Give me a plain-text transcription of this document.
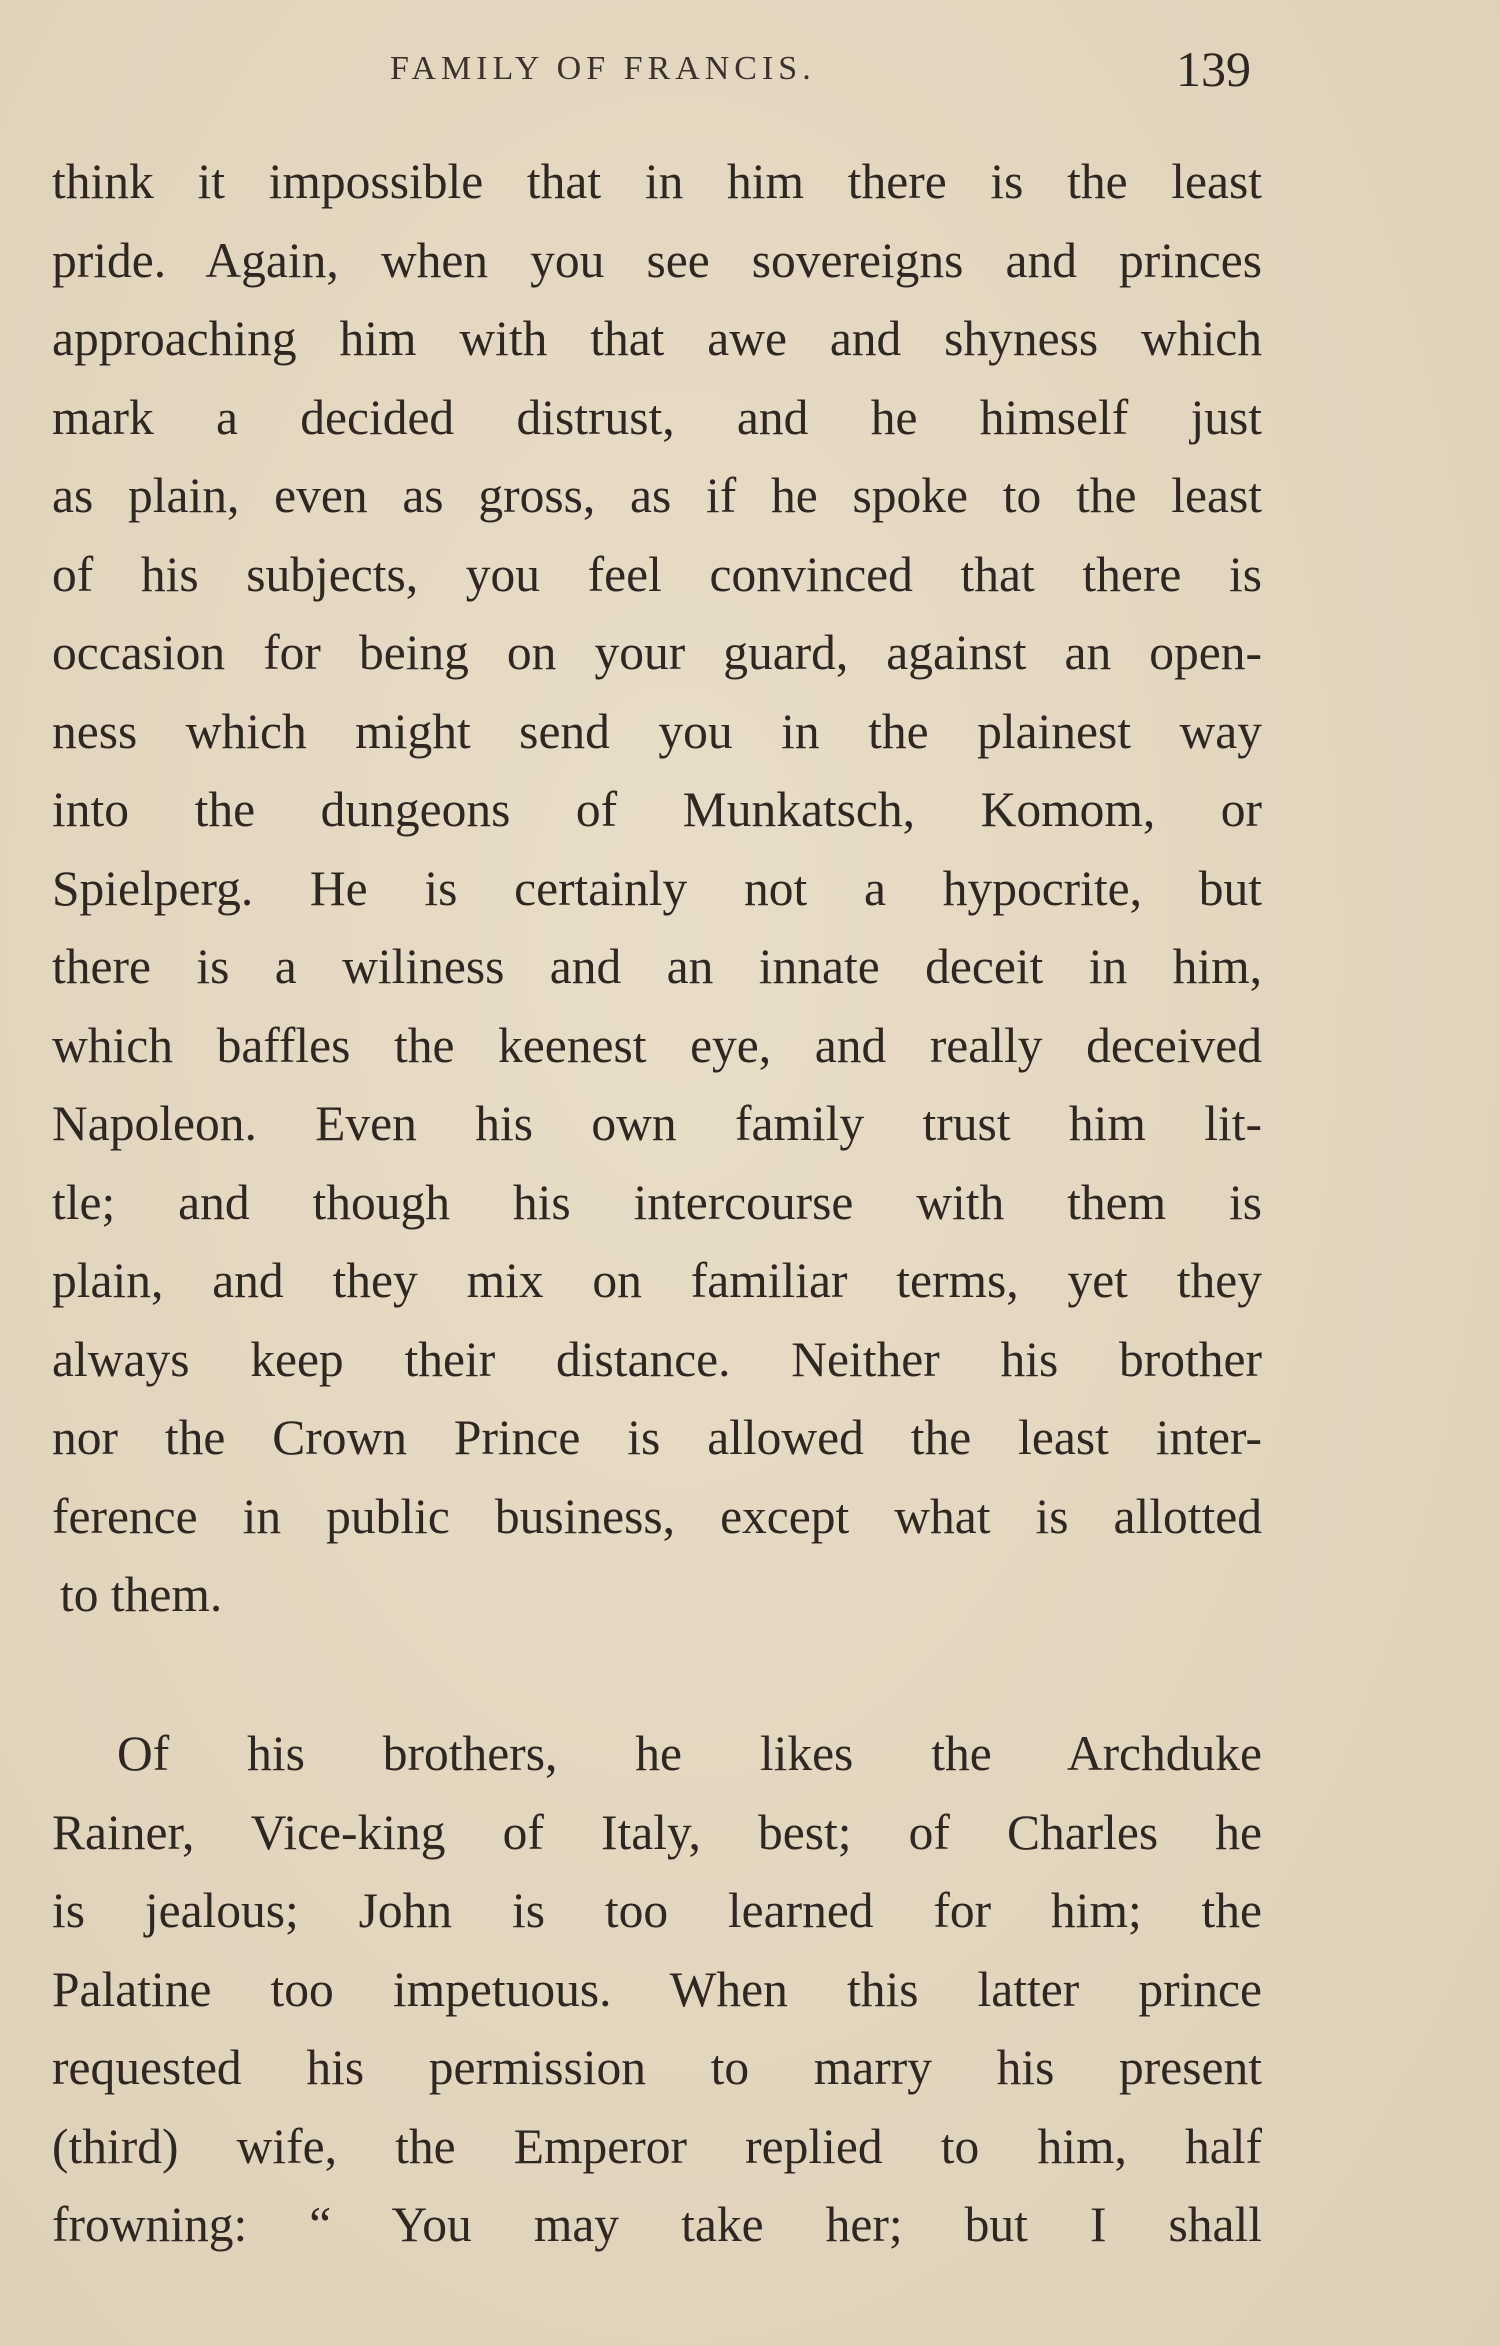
FAMILY OF FRANCIS.	139
think it impossible that in him there is the least
pride. Again, when you see sovereigns and princes
approaching him with that awe and shyness which
mark a decided distrust, and he himself just
as plain, even as gross, as if he spoke to the least
of his subjects, you feel convinced that there is
occasion for being on your guard, against an open-
ness which might send you in the plainest way
into the dungeons of Munkatsch, Komom, or
Spielperg. He is certainly not a hypocrite, but
there is a wiliness and an innate deceit in him,
which baffles the keenest eye, and really deceived
Napoleon. Even his own family trust him lit-
tle; and though his intercourse with them is
plain, and they mix on familiar terms, yet they
always keep their distance. Neither his brother
nor the Crown Prince is allowed the least inter-
ference in public business, except what is allotted
to them.
Of his brothers, he likes the Archduke
Rainer, Vice-king of Italy, best; of Charles he
is jealous; John is too learned for him; the
Palatine too impetuous. When this latter prince
requested his permission to marry his present
(third) wife, the Emperor replied to him, half
frowning: “ You may take her; but I shall
